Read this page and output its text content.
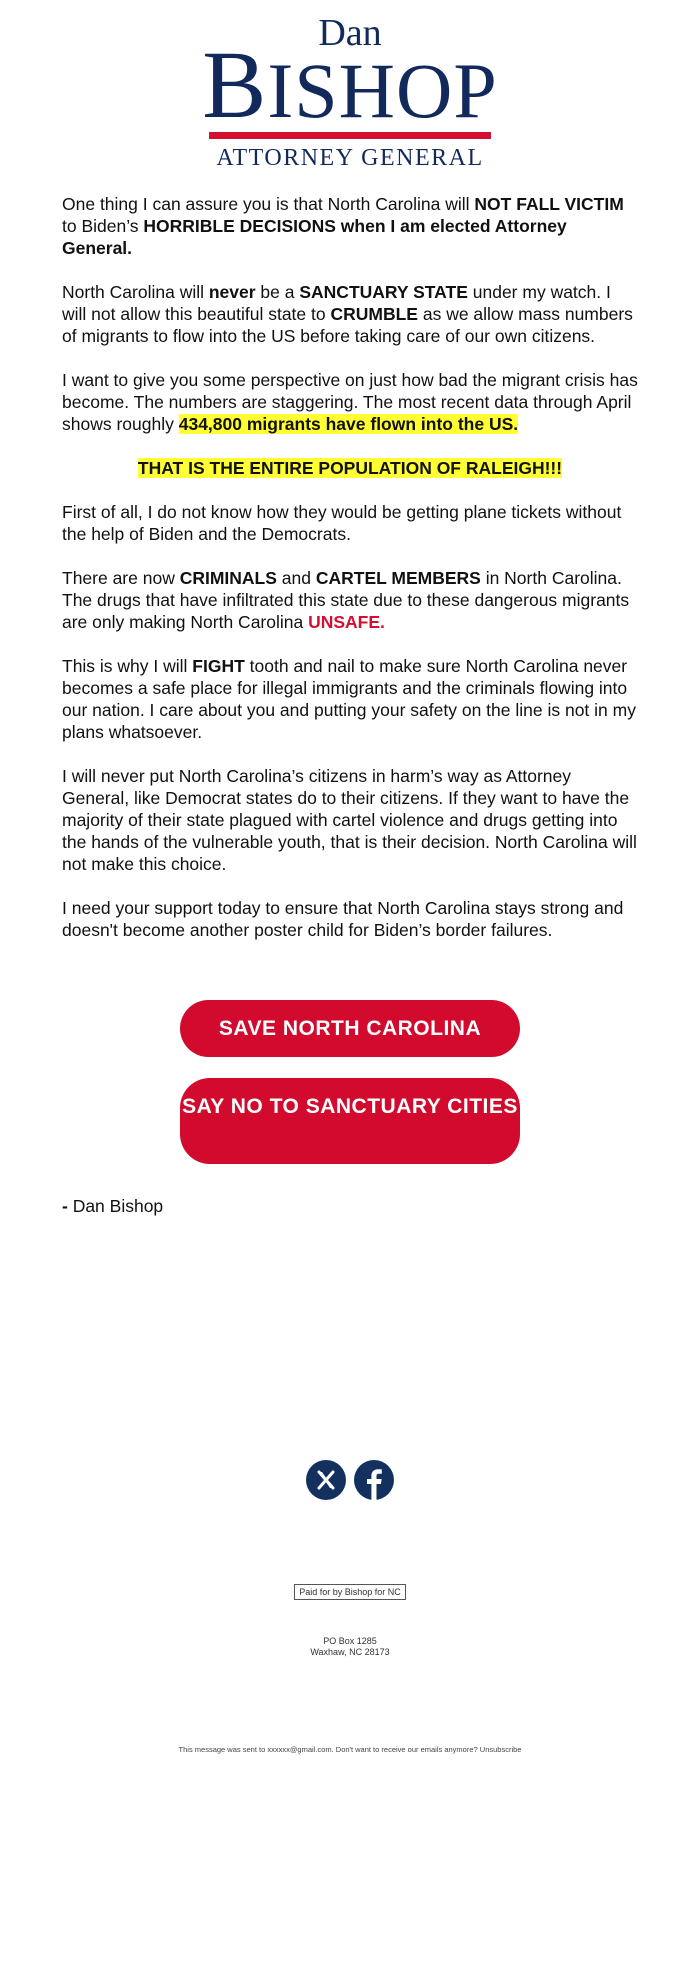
Dan
BISHOP
ATTORNEY GENERAL

One thing I can assure you is that North Carolina will NOT FALL VICTIM to Biden’s HORRIBLE DECISIONS when I am elected Attorney General.

North Carolina will never be a SANCTUARY STATE under my watch. I will not allow this beautiful state to CRUMBLE as we allow mass numbers of migrants to flow into the US before taking care of our own citizens.

I want to give you some perspective on just how bad the migrant crisis has become. The numbers are staggering. The most recent data through April shows roughly 434,800 migrants have flown into the US.

THAT IS THE ENTIRE POPULATION OF RALEIGH!!!

First of all, I do not know how they would be getting plane tickets without the help of Biden and the Democrats.

There are now CRIMINALS and CARTEL MEMBERS in North Carolina. The drugs that have infiltrated this state due to these dangerous migrants are only making North Carolina UNSAFE.

This is why I will FIGHT tooth and nail to make sure North Carolina never becomes a safe place for illegal immigrants and the criminals flowing into our nation. I care about you and putting your safety on the line is not in my plans whatsoever.

I will never put North Carolina’s citizens in harm’s way as Attorney General, like Democrat states do to their citizens. If they want to have the majority of their state plagued with cartel violence and drugs getting into the hands of the vulnerable youth, that is their decision. North Carolina will not make this choice.

I need your support today to ensure that North Carolina stays strong and doesn't become another poster child for Biden’s border failures.

SAVE NORTH CAROLINA
SAY NO TO SANCTUARY CITIES
- Dan Bishop

Paid for by Bishop for NC
PO Box 1285
Waxhaw, NC 28173
This message was sent to xxxxxx@gmail.com. Don't want to receive our emails anymore? Unsubscribe
